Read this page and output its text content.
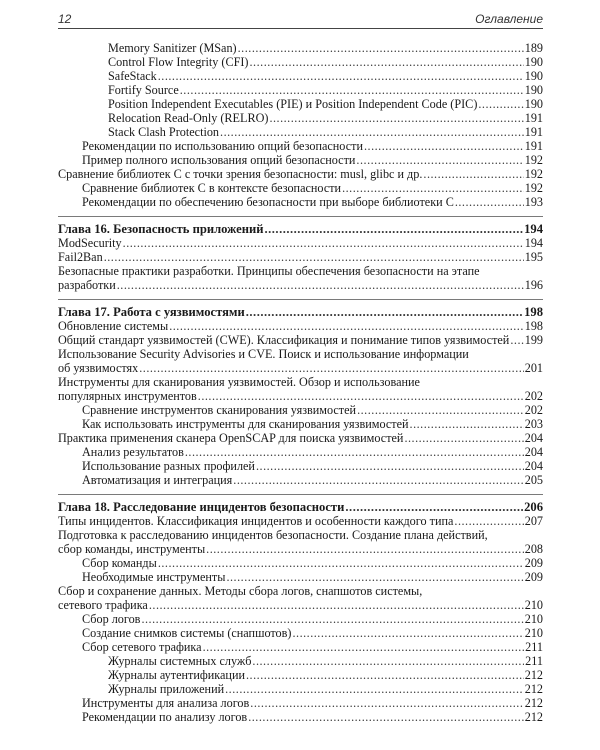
12	Оглавление
Memory Sanitizer (MSan) .....	189
Control Flow Integrity (CFI) .....	190
SafeStack .....	190
Fortify Source .....	190
Position Independent Executables (PIE) и Position Independent Code (PIC) .....	190
Relocation Read-Only (RELRO) .....	191
Stack Clash Protection .....	191
Рекомендации по использованию опций безопасности .....	191
Пример полного использования опций безопасности .....	192
Сравнение библиотек C с точки зрения безопасности: musl, glibc и др. .....	192
Сравнение библиотек C в контексте безопасности .....	192
Рекомендации по обеспечению безопасности при выборе библиотеки C .....	193
Глава 16. Безопасность приложений .....	194
ModSecurity .....	194
Fail2Ban .....	195
Безопасные практики разработки. Принципы обеспечения безопасности на этапе
разработки .....	196
Глава 17. Работа с уязвимостями .....	198
Обновление системы .....	198
Общий стандарт уязвимостей (CWE). Классификация и понимание типов уязвимостей ..... 199
Использование Security Advisories и CVE. Поиск и использование информации
об уязвимостях .....	201
Инструменты для сканирования уязвимостей. Обзор и использование
популярных инструментов .....	202
Сравнение инструментов сканирования уязвимостей .....	202
Как использовать инструменты для сканирования уязвимостей .....	203
Практика применения сканера OpenSCAP для поиска уязвимостей .....	204
Анализ результатов .....	204
Использование разных профилей .....	204
Автоматизация и интеграция .....	205
Глава 18. Расследование инцидентов безопасности .....	206
Типы инцидентов. Классификация инцидентов и особенности каждого типа .....	207
Подготовка к расследованию инцидентов безопасности. Создание плана действий,
сбор команды, инструменты .....	208
Сбор команды .....	209
Необходимые инструменты .....	209
Сбор и сохранение данных. Методы сбора логов, снапшотов системы,
сетевого трафика .....	210
Сбор логов .....	210
Создание снимков системы (снапшотов) .....	210
Сбор сетевого трафика .....	211
Журналы системных служб .....	211
Журналы аутентификации .....	212
Журналы приложений .....	212
Инструменты для анализа логов .....	212
Рекомендации по анализу логов .....	212
